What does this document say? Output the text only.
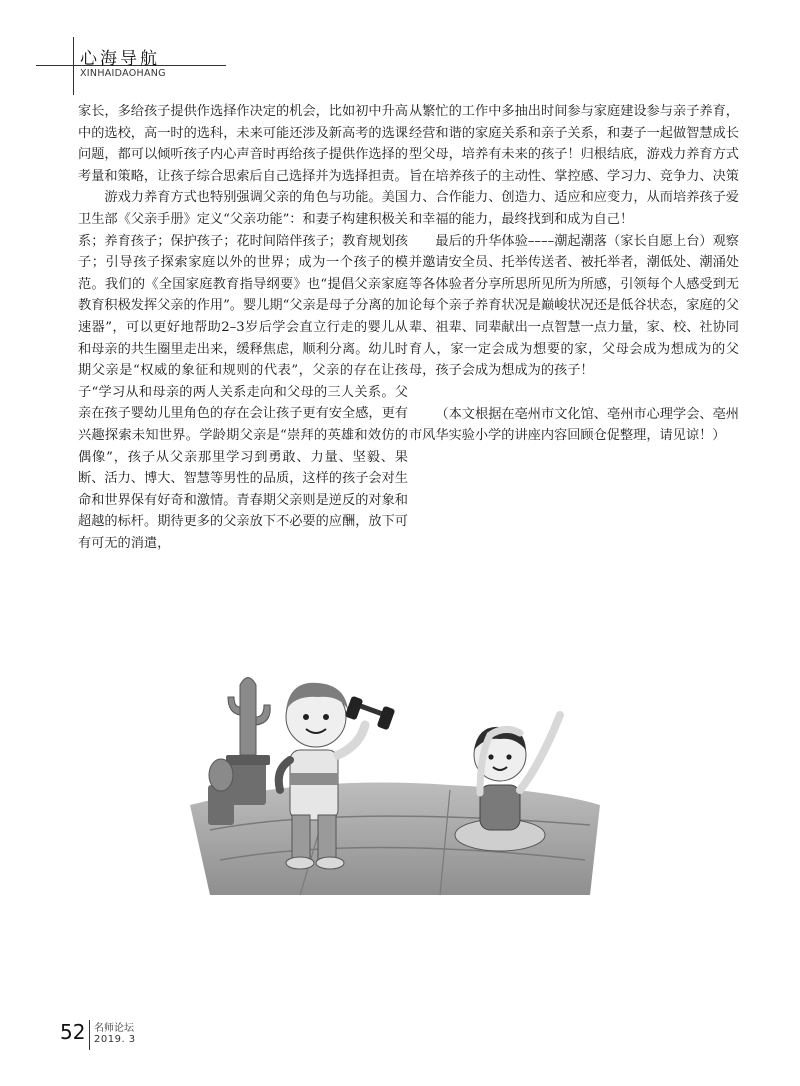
心海导航
XINHAIDAOHANG

家长，多给孩子提供作选择作决定的机会，比如初中升高中的选校，高一时的选科，未来可能还涉及新高考的选课问题，都可以倾听孩子内心声音时再给孩子提供作选择的考量和策略，让孩子综合思索后自己选择并为选择担责。

游戏力养育方式也特别强调父亲的角色与功能。美国卫生部《父亲手册》定义“父亲功能”：和妻子构建积极关系；养育孩子；保护孩子；花时间陪伴孩子；教育规划孩子；引导孩子探索家庭以外的世界；成为一个孩子的模范。我们的《全国家庭教育指导纲要》也“提倡父亲家庭教育积极发挥父亲的作用”。婴儿期“父亲是母子分离的加速器”，可以更好地帮助2–3岁后学会直立行走的婴儿从和母亲的共生圈里走出来，缓释焦虑，顺利分离。幼儿时期父亲是“权威的象征和规则的代表”，父亲的存在让孩子“学习从和母亲的两人关系走向和父母的三人关系。父亲在孩子婴幼儿里角色的存在会让孩子更有安全感，更有兴趣探索未知世界。学龄期父亲是“崇拜的英雄和效仿的偶像”，孩子从父亲那里学习到勇敢、力量、坚毅、果断、活力、博大、智慧等男性的品质，这样的孩子会对生命和世界保有好奇和激情。青春期父亲则是逆反的对象和超越的标杆。期待更多的父亲放下不必要的应酬，放下可有可无的消遣，

从繁忙的工作中多抽出时间参与家庭建设参与亲子养育，经营和谐的家庭关系和亲子关系，和妻子一起做智慧成长型父母，培养有未来的孩子！归根结底，游戏力养育方式旨在培养孩子的主动性、掌控感、学习力、竞争力、决策力、合作能力、创造力、适应和应变力，从而培养孩子爱和幸福的能力，最终找到和成为自己！

最后的升华体验––––潮起潮落（家长自愿上台）观察并邀请安全员、托举传送者、被托举者，潮低处、潮涌处等各体验者分享所思所见所为所感，引领每个人感受到无论每个亲子养育状况是巅峻状况还是低谷状态，家庭的父辈、祖辈、同辈献出一点智慧一点力量，家、校、社协同育人，家一定会成为想要的家，父母会成为想成为的父母，孩子会成为想成为的孩子！

（本文根据在亳州市文化馆、亳州市心理学会、亳州市风华实验小学的讲座内容回顾仓促整理，请见谅！）

52 名师论坛
2019. 3
